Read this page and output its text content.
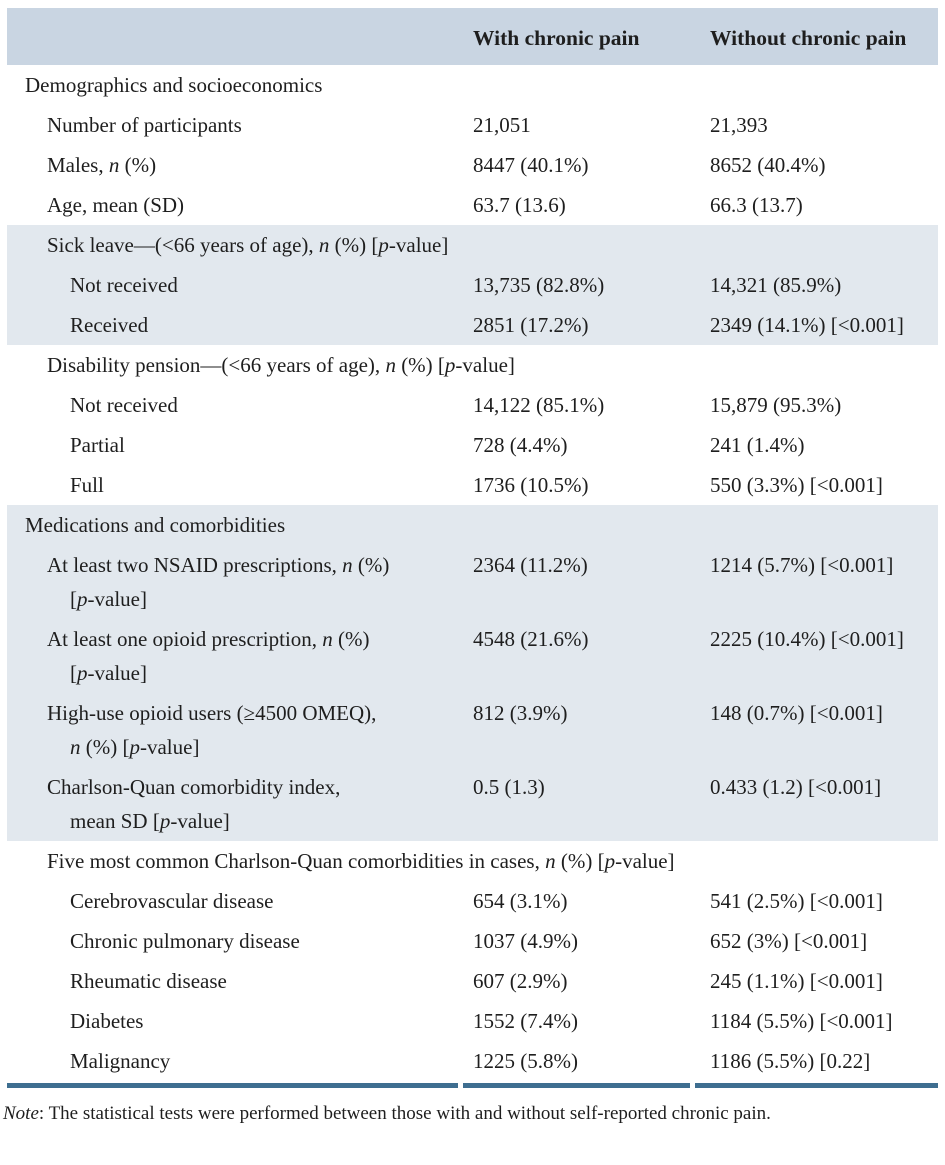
	With chronic pain	Without chronic pain

Demographics and socioeconomics		

Number of participants	21,051	21,393

Males, n (%)	8447 (40.1%)	8652 (40.4%)

Age, mean (SD)	63.7 (13.6)	66.3 (13.7)

Sick leave—(<66 years of age), n (%) [p-value]		

Not received	13,735 (82.8%)	14,321 (85.9%)
Received	2851 (17.2%)	2349 (14.1%) [<0.001]

Disability pension—(<66 years of age), n (%) [p-value]		

Not received	14,122 (85.1%)	15,879 (95.3%)
Partial	728 (4.4%)	241 (1.4%)
Full	1736 (10.5%)	550 (3.3%) [<0.001]
Medications and comorbidities		

At least two NSAID prescriptions, n (%)
[p-value]	2364 (11.2%)	1214 (5.7%) [<0.001]

At least one opioid prescription, n (%)
[p-value]	4548 (21.6%)	2225 (10.4%) [<0.001]

High-use opioid users (≥4500 OMEQ),
n (%) [p-value]	812 (3.9%)	148 (0.7%) [<0.001]

Charlson-Quan comorbidity index,
mean SD [p-value]	0.5 (1.3)	0.433 (1.2) [<0.001]

Five most common Charlson-Quan comorbidities in cases, n (%) [p-value]		

Cerebrovascular disease	654 (3.1%)	541 (2.5%) [<0.001]
Chronic pulmonary disease	1037 (4.9%)	652 (3%) [<0.001]
Rheumatic disease	607 (2.9%)	245 (1.1%) [<0.001]
Diabetes	1552 (7.4%)	1184 (5.5%) [<0.001]
Malignancy	1225 (5.8%)	1186 (5.5%) [0.22]

Note: The statistical tests were performed between those with and without self-reported chronic pain.
